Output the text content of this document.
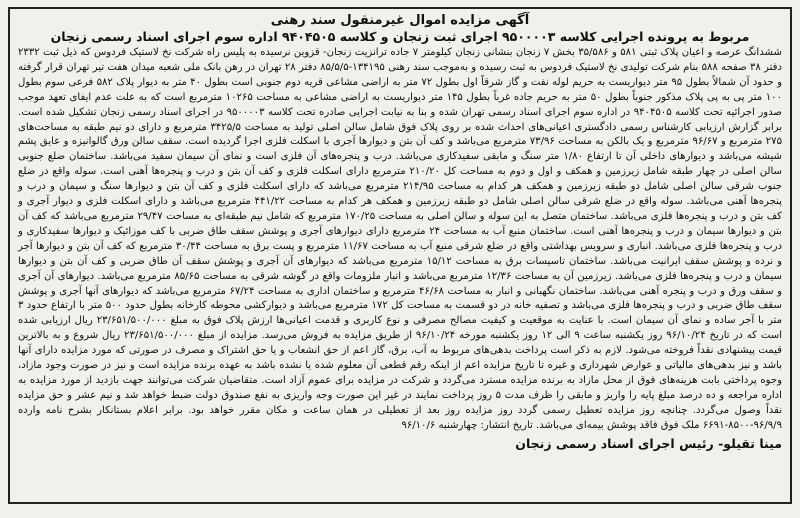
آگهی مزایده اموال غیرمنقول سند رهنی

مربوط به پرونده اجرایی کلاسه ۹۵۰۰۰۰۳ اجرای ثبت زنجان و کلاسه ۹۴۰۴۵۰۵ اداره سوم اجرای اسناد رسمی زنجان

ششدانگ عرصه و اعیان پلاک ثبتی ۵۸۱ و ۳۵/۵۸۶ بخش ۷ زنجان بنشانی زنجان کیلومتر ۷ جاده ترانزیت زنجان- قزوین نرسیده به پلیس راه شرکت نخ لاستیک فردوس که ذیل ثبت ۲۳۳۲ دفتر ۳۸ صفحه ۵۸۸ بنام شرکت تولیدی نخ لاستیک فردوس به ثبت رسیده و به‌موجب سند رهنی ۱۳۴۱۹۵-۸۵/۵/۵ دفتر ۲۸ تهران در رهن بانک ملی شعبه میدان هفت تیر تهران قرار گرفته و حدود آن شمالاً بطول ۹۵ متر دیواریست به حریم لوله نفت و گاز شرقاً اول بطول ۷۲ متر به اراضی مشاعی قریه دوم جنوبی است بطول ۴۰ متر به دیوار پلاک ۵۸۲ فرعی سوم بطول ۱۰۰ متر پی به پی پلاک مذکور جنوباً بطول ۵۰ متر به حریم جاده غرباً بطول ۱۴۵ متر دیواریست به اراضی مشاعی به مساحت ۱۰۲۶۵ مترمربع است که به علت عدم ایفای تعهد موجب صدور اجرائیه تحت کلاسه ۹۴۰۴۵۰۵ در اداره سوم اجرای اسناد رسمی تهران شده و بنا به نیابت اجرایی صادره تحت کلاسه ۹۵۰۰۰۰۳ در اجرای اسناد رسمی زنجان تشکیل شده است. برابر گزارش ارزیابی کارشناس رسمی دادگستری اعیانی‌های احداث شده بر روی پلاک فوق شامل سالن اصلی تولید به مساحت ۳۴۲۵/۵ مترمربع و دارای دو نیم طبقه به مساحت‌های ۲۷۵ مترمربع و ۹۶/۶۷ مترمربع و یک بالکن به مساحت ۷۳/۹۶ مترمربع می‌باشد و کف آن بتن و دیوارها آجری با اسکلت فلزی اجرا گردیده است. سقف سالن ورق گالوانیزه و عایق پشم شیشه می‌باشد و دیوارهای داخلی آن تا ارتفاع ۱/۸۰ متر سنگ و مابقی سفیدکاری می‌باشد. درب و پنجره‌های آن فلزی است و نمای آن سیمان سفید می‌باشد. ساختمان ضلع جنوبی سالن اصلی در چهار طبقه شامل زیرزمین و همکف و اول و دوم به مساحت کل ۲۱۰/۲۰ مترمربع دارای اسکلت فلزی و کف آن بتن و درب و پنجره‌ها آهنی است. سوله واقع در ضلع جنوب شرقی سالن اصلی شامل دو طبقه زیرزمین و همکف هر کدام به مساحت ۲۱۴/۹۵ مترمربع می‌باشد که دارای اسکلت فلزی و کف آن بتن و دیوارها سنگ و سیمان و درب و پنجره‌ها آهنی می‌باشد. سوله واقع در ضلع شرقی سالن اصلی شامل دو طبقه زیرزمین و همکف هر کدام به مساحت ۴۴۱/۲۲ مترمربع می‌باشد و دارای اسکلت فلزی و دیوار آجری و کف بتن و درب و پنجره‌ها فلزی می‌باشد. ساختمان متصل به این سوله و سالن اصلی به مساحت ۱۷۰/۲۵ مترمربع که شامل نیم طبقه‌ای به مساحت ۲۹/۴۷ مترمربع می‌باشد که کف آن بتن و دیوارها سیمان و درب و پنجره‌ها آهنی است. ساختمان منبع آب به مساحت ۲۴ مترمربع دارای دیوارهای آجری و پوشش سقف طاق ضربی با کف موزائیک و دیوارها سفیدکاری و درب و پنجره‌ها فلزی می‌باشد. انباری و سرویس بهداشتی واقع در ضلع شرقی منبع آب به مساحت ۱۱/۶۷ مترمربع و پست برق به مساحت ۳۰/۴۴ مترمربع که کف آن بتن و دیوارها آجر و نرده و پوشش سقف ایرانیت می‌باشد. ساختمان تاسیسات برق به مساحت ۱۵/۱۲ مترمربع می‌باشد که دیوارهای آن آجری و پوشش سقف آن طاق ضربی و کف آن بتن و دیوارها سیمان و درب و پنجره‌ها فلزی می‌باشد. زیرزمین آن به مساحت ۱۲/۳۶ مترمربع می‌باشد و انبار ملزومات واقع در گوشه شرقی به مساحت ۸۵/۶۵ مترمربع می‌باشد. دیوارهای آن آجری و سقف ورق و درب و پنجره آهنی می‌باشد. ساختمان نگهبانی و انبار به مساحت ۴۶/۶۸ مترمربع و ساختمان اداری به مساحت ۶۷/۲۴ مترمربع می‌باشد که دیوارهای آنها آجری و پوشش سقف طاق ضربی و درب و پنجره‌ها فلزی می‌باشد و تصفیه خانه در دو قسمت به مساحت کل ۱۷۲ مترمربع می‌باشد و دیوارکشی محوطه کارخانه بطول حدود ۵۰۰ متر با ارتفاع حدود ۳ متر با آجر ساده و نمای آن سیمان است. با عنایت به موقعیت و کیفیت مصالح مصرفی و نوع کاربری و قدمت اعیانی‌ها ارزش پلاک فوق به مبلغ ۲۳/۶۵۱/۵۰۰/۰۰۰ ریال ارزیابی شده است که در تاریخ ۹۶/۱۰/۲۴ روز یکشنبه ساعت ۹ الی ۱۲ روز یکشنبه مورخه ۹۶/۱۰/۲۴ از طریق مزایده به فروش می‌رسد. مزایده از مبلغ ۲۳/۶۵۱/۵۰۰/۰۰۰ ریال شروع و به بالاترین قیمت پیشنهادی نقداً فروخته می‌شود. لازم به ذکر است پرداخت بدهی‌های مربوط به آب، برق، گاز اعم از حق انشعاب و یا حق اشتراک و مصرف در صورتی که مورد مزایده دارای آنها باشد و نیز بدهی‌های مالیاتی و عوارض شهرداری و غیره تا تاریخ مزایده اعم از اینکه رقم قطعی آن معلوم شده یا نشده باشد به عهده برنده مزایده است و نیز در صورت وجود مازاد، وجوه پرداختی بابت هزینه‌های فوق از محل مازاد به برنده مزایده مسترد می‌گردد و شرکت در مزایده برای عموم آزاد است. متقاضیان شرکت می‌توانند جهت بازدید از مورد مزایده به اداره مراجعه و ده درصد مبلغ پایه را واریز و مابقی را ظرف مدت ۵ روز پرداخت نمایند در غیر این صورت وجه واریزی به نفع صندوق دولت ضبط خواهد شد و نیم عشر و حق مزایده نقداً وصول می‌گردد. چنانچه روز مزایده تعطیل رسمی گردد روز مزایده روز بعد از تعطیلی در همان ساعت و مکان مقرر خواهد بود. برابر اعلام بستانکار بشرح نامه وارده ۹۶/۹/۹-۸۵۰۰-۶۶۹۱ ملک فوق فاقد پوشش بیمه‌ای می‌باشد. تاریخ انتشار: چهارشنبه ۹۶/۱۰/۶

مینا تقیلو- رئیس اجرای اسناد رسمی زنجان
